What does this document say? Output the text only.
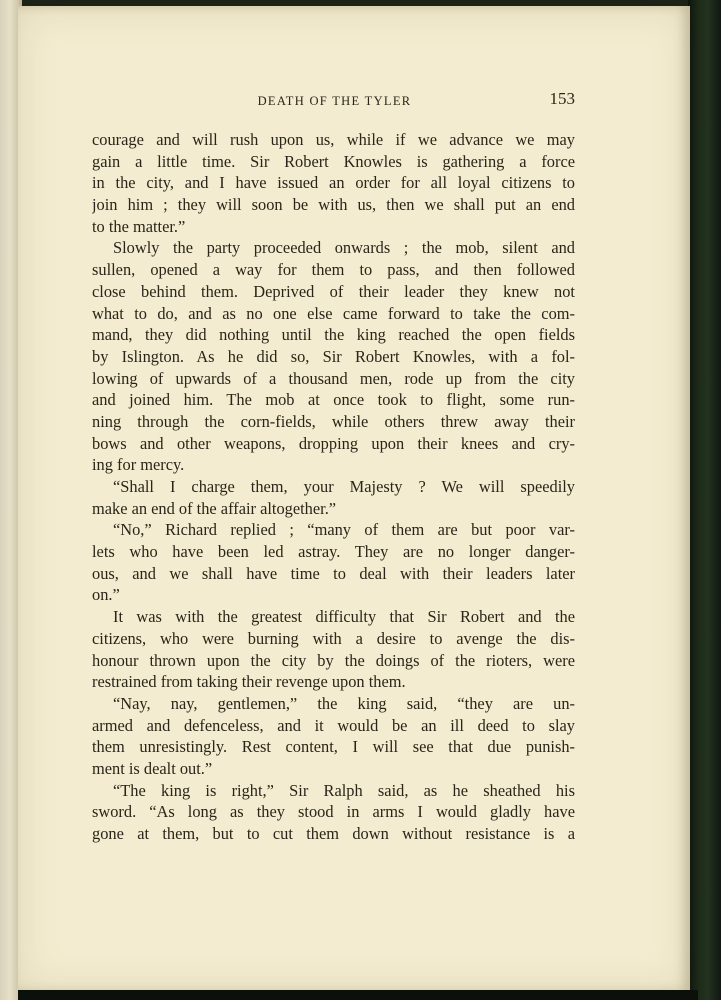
DEATH OF THE TYLER	153
courage and will rush upon us, while if we advance we may
gain a little time. Sir Robert Knowles is gathering a force
in the city, and I have issued an order for all loyal citizens to
join him ; they will soon be with us, then we shall put an end
to the matter.”
Slowly the party proceeded onwards ; the mob, silent and
sullen, opened a way for them to pass, and then followed
close behind them. Deprived of their leader they knew not
what to do, and as no one else came forward to take the com-
mand, they did nothing until the king reached the open fields
by Islington. As he did so, Sir Robert Knowles, with a fol-
lowing of upwards of a thousand men, rode up from the city
and joined him. The mob at once took to flight, some run-
ning through the corn-fields, while others threw away their
bows and other weapons, dropping upon their knees and cry-
ing for mercy.
“Shall I charge them, your Majesty ? We will speedily
make an end of the affair altogether.”
“No,” Richard replied ; “many of them are but poor var-
lets who have been led astray. They are no longer danger-
ous, and we shall have time to deal with their leaders later
on.”
It was with the greatest difficulty that Sir Robert and the
citizens, who were burning with a desire to avenge the dis-
honour thrown upon the city by the doings of the rioters, were
restrained from taking their revenge upon them.
“Nay, nay, gentlemen,” the king said, “they are un-
armed and defenceless, and it would be an ill deed to slay
them unresistingly. Rest content, I will see that due punish-
ment is dealt out.”
“The king is right,” Sir Ralph said, as he sheathed his
sword. “As long as they stood in arms I would gladly have
gone at them, but to cut them down without resistance is a
